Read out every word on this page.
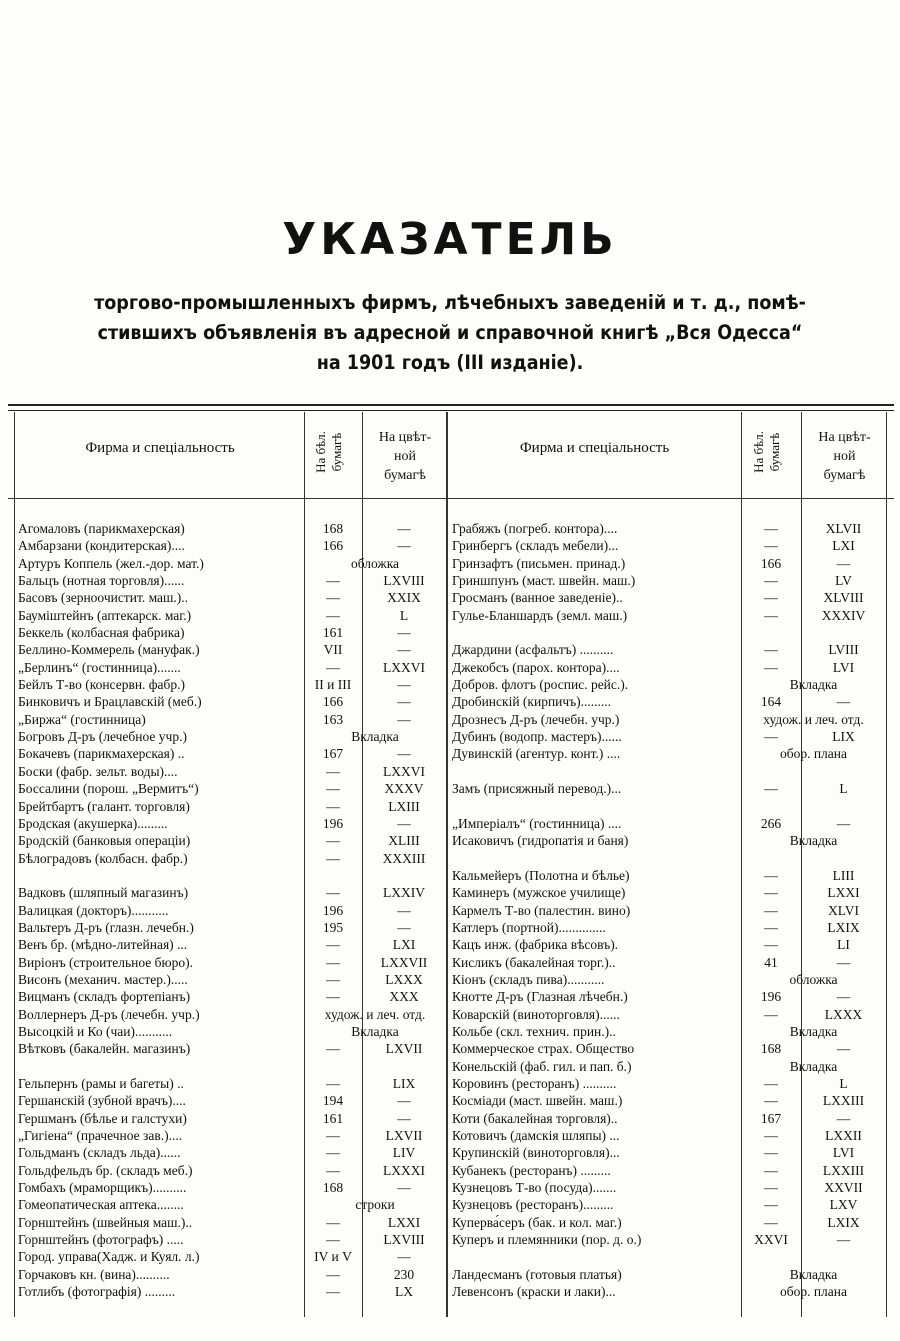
УКАЗАТЕЛЬ
торгово-промышленныхъ фирмъ, лѣчебныхъ заведеній и т. д., помѣ-
стившихъ объявленія въ адресной и справочной книгѣ „Вся Одесса“
на 1901 годъ (III изданіе).
Фирма и спеціальность	На бѣл. бумагѣ	На цвѣт-
ной
бумагѣ
Фирма и спеціальность	На бѣл. бумагѣ	На цвѣт-
ной
бумагѣ
Агомаловъ (парикмахерская)	168	—
Амбарзани (кондитерская)....	166	—
Артуръ Коппель (жел.-дор. мат.)	обложка
Бальцъ (нотная торговля)......	—	LXVIII
Басовъ (зерноочистит. маш.)..	—	XXIX
Бауміштейнъ (аптекарск. маг.)	—	L
Беккель (колбасная фабрика)	161	—
Беллино-Коммерель (мануфак.)	VII	—
„Берлинъ“ (гостинница).......	—	LXXVI
Бейлъ Т-во (консервн. фабр.)	II и III	—
Бинковичъ и Брацлавскій (меб.)	166	—
„Биржа“ (гостинница)	163	—
Богровъ Д-ръ (лечебное учр.)	Вкладка
Бокачевъ (парикмахерская) ..	167	—
Боски (фабр. зельт. воды)....	—	LXXVI
Боссалини (порош. „Вермитъ“)	—	XXXV
Брейтбартъ (галант. торговля)	—	LXIII
Бродская (акушерка).........	196	—
Бродскій (банковыя операціи)	—	XLIII
Бѣлоградовъ (колбасн. фабр.)	—	XXXIII
Вадковъ (шляпный магазинъ)	—	LXXIV
Валицкая (докторъ)...........	196	—
Вальтеръ Д-ръ (глазн. лечебн.)	195	—
Венъ бр. (мѣдно-литейная) ...	—	LXI
Виріонъ (строительное бюро).	—	LXXVII
Висонъ (механич. мастер.).....	—	LXXX
Вицманъ (складъ фортепіанъ)	—	XXX
Воллернеръ Д-ръ (лечебн. учр.)	худож. и леч. отд.
Высоцкій и Ко (чаи)...........	Вкладка
Вѣтковъ (бакалейн. магазинъ)	—	LXVII
Гельпернъ (рамы и багеты) ..	—	LIX
Гершанскій (зубной врачъ)....	194	—
Гершманъ (бѣлье и галстухи)	161	—
„Гигіена“ (прачечное зав.)....	—	LXVII
Гольдманъ (складъ льда)......	—	LIV
Гольдфельдъ бр. (складъ меб.)	—	LXXXI
Гомбахъ (мраморщикъ)..........	168	—
Гомеопатическая аптека........	строки
Горнштейнъ (швейныя маш.)..	—	LXXI
Горнштейнъ (фотографъ) .....	—	LXVIII
Город. управа(Хадж. и Куял. л.)	IV и V	—
Горчаковъ кн. (вина)..........	—	230
Готлибъ (фотографія) .........	—	LX
Грабяжъ (погреб. контора)....	—	XLVII
Гринбергъ (складъ мебели)...	—	LXI
Гринзафтъ (письмен. принад.)	166	—
Гриншпунъ (маст. швейн. маш.)	—	LV
Гросманъ (ванное заведеніе)..	—	XLVIII
Гульe-Бланшардъ (земл. маш.)	—	XXXIV
Джардини (асфальтъ) ..........	—	LVIII
Джекобсъ (парох. контора)....	—	LVI
Добров. флотъ (роспис. рейс.).	Вкладка
Дробинскій (кирпичъ).........	164	—
Дрознесъ Д-ръ (лечебн. учр.)	худож. и леч. отд.
Дубинъ (водопр. мастеръ)......	—	LIX
Дувинскій (агентур. конт.) ....	обор. плана
Замъ (присяжный перевод.)...	—	L
„Имперіалъ“ (гостинница) ....	266	—
Исаковичъ (гидропатія и баня)	Вкладка
Кальмейеръ (Полотна и бѣлье)	—	LIII
Каминеръ (мужское училище)	—	LXXI
Кармелъ Т-во (палестин. вино)	—	XLVI
Катлеръ (портной)..............	—	LXIX
Кацъ инж. (фабрика вѣсовъ).	—	LI
Кисликъ (бакалейная торг.)..	41	—
Кіонъ (складъ пива)...........	обложка
Кнотте Д-ръ (Глазная лѣчебн.)	196	—
Коварскій (виноторговля)......	—	LXXX
Кольбе (скл. технич. прин.)..	Вкладка
Коммерческое страх. Общество	168	—
Конельскій (фаб. гил. и пап. б.)	Вкладка
Коровинъ (ресторанъ) ..........	—	L
Космiади (маст. швейн. маш.)	—	LXXIII
Коти (бакалейная торговля)..	167	—
Котовичъ (дамскія шляпы) ...	—	LXXII
Крупинскій (виноторговля)...	—	LVI
Кубанекъ (ресторанъ) .........	—	LXXIII
Кузнецовъ Т-во (посуда).......	—	XXVII
Кузнецовъ (ресторанъ).........	—	LXV
Куперва́серъ (бак. и кол. маг.)	—	LXIX
Куперъ и племянники (пор. д. о.)	XXVI	—
Ландесманъ (готовыя платья)	Вкладка
Левенсонъ (краски и лаки)...	обор. плана
